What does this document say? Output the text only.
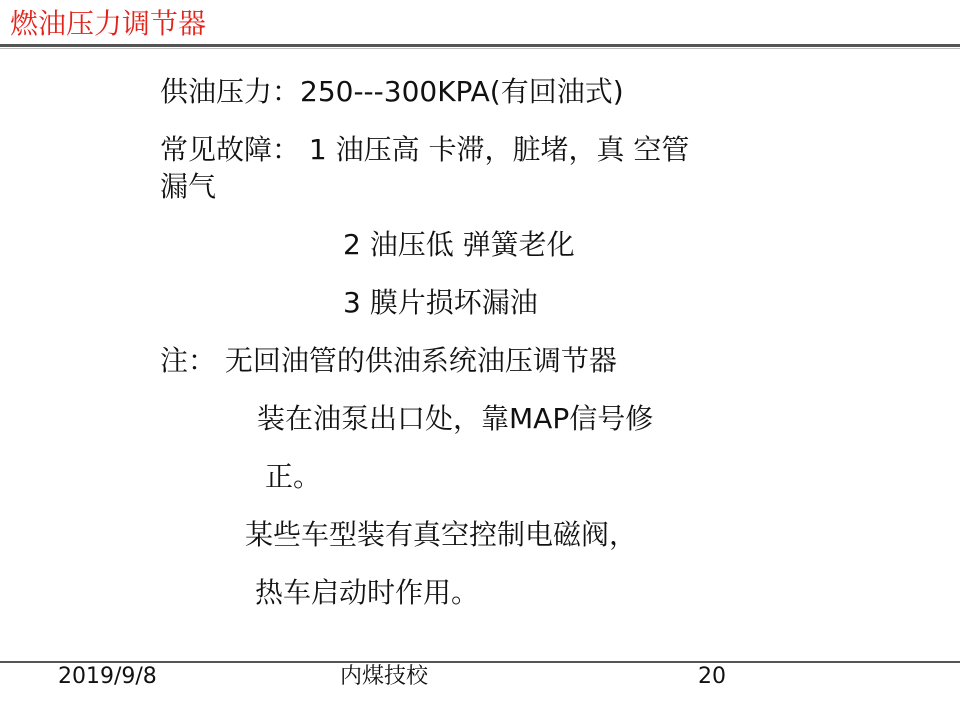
燃油压力调节器
供油压力：250---300KPA(有回油式)
常见故障： 1 油压高 卡滞，脏堵，真 空管
漏气
2 油压低 弹簧老化
3 膜片损坏漏油
注： 无回油管的供油系统油压调节器
装在油泵出口处，靠MAP信号修
正。
某些车型装有真空控制电磁阀，
热车启动时作用。
2019/9/8	内煤技校	20
